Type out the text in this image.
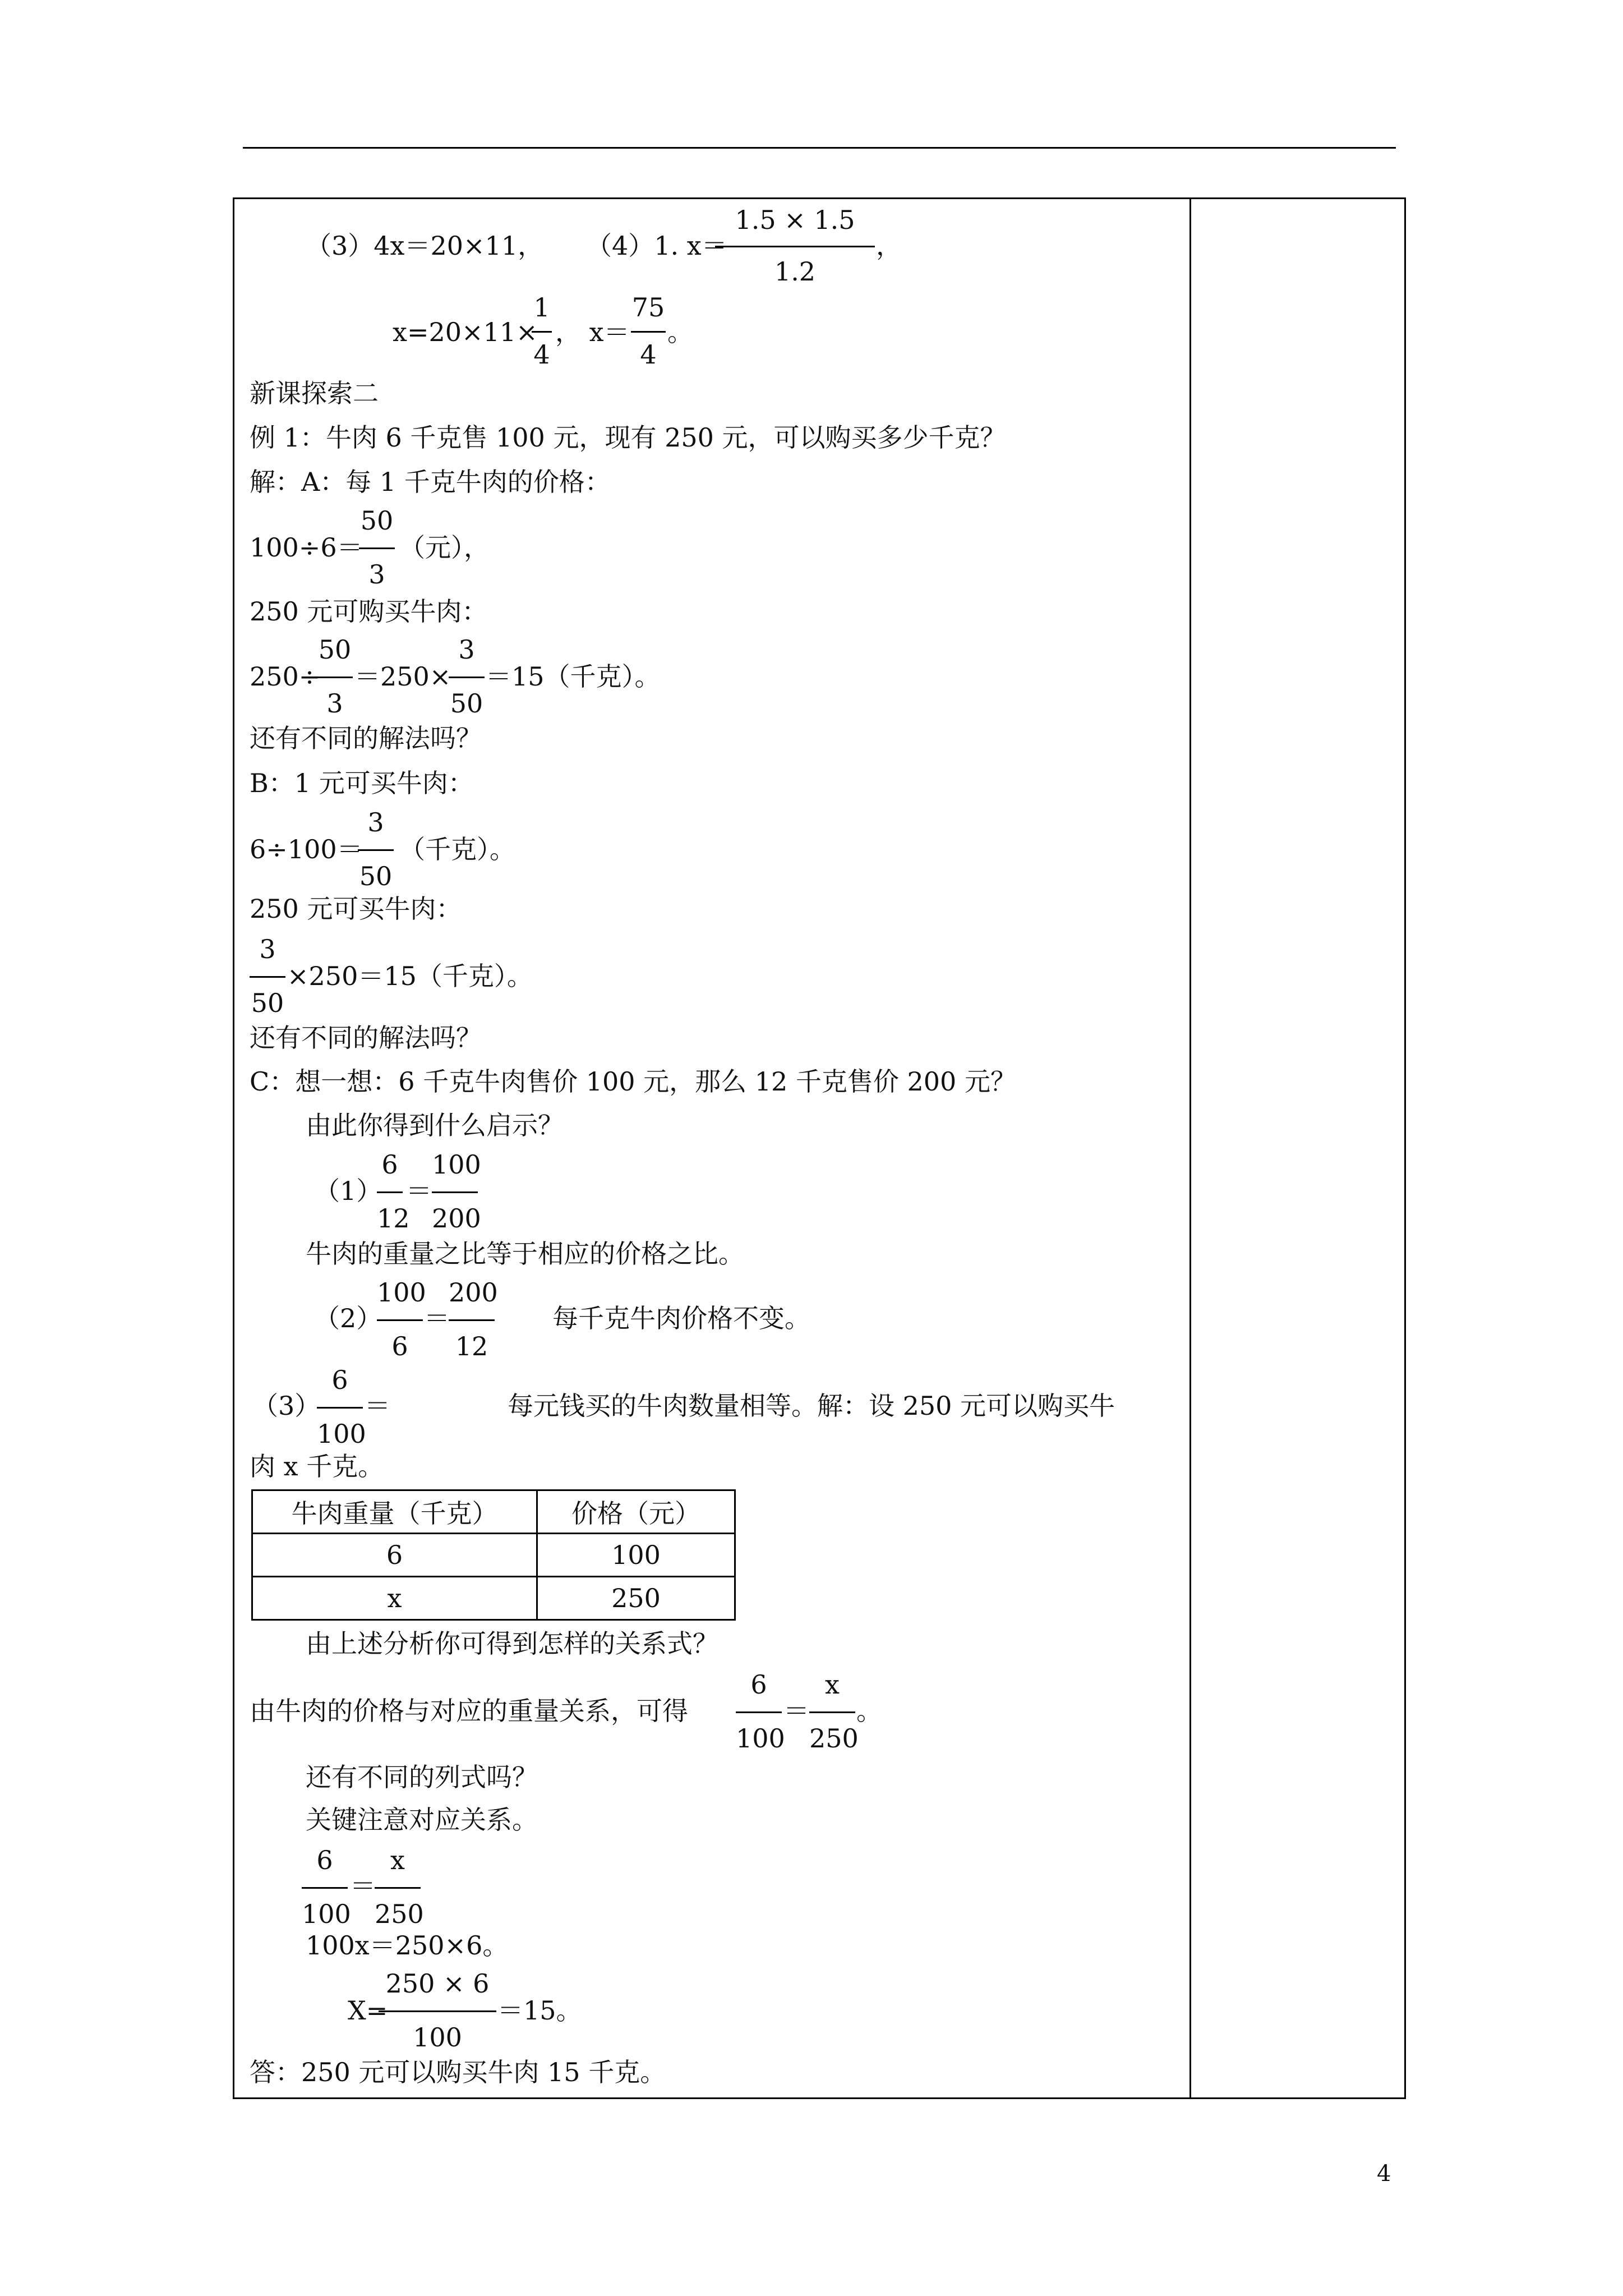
（3）4x＝20×11， （4）1. x＝
1.5 × 1.5
1.2
，
x=20×11×
1
4
， x＝
75
4
。
新课探索二
例 1：牛肉 6 千克售 100 元，现有 250 元，可以购买多少千克？
解：A：每 1 千克牛肉的价格：
100÷6＝
50
3
（元），
250 元可购买牛肉：
250÷
50
3
＝250×
3
50
＝15（千克）。
还有不同的解法吗？
B：1 元可买牛肉：
6÷100＝
3
50
（千克）。
250 元可买牛肉：
3
50
×250＝15（千克）。
还有不同的解法吗？
C：想一想：6 千克牛肉售价 100 元，那么 12 千克售价 200 元？
由此你得到什么启示？
（1）
6
12
＝
100
200
牛肉的重量之比等于相应的价格之比。
（2）
100
6
＝
200
12
每千克牛肉价格不变。
（3）
6
100
＝	每元钱买的牛肉数量相等。解：设 250 元可以购买牛
肉 x 千克。
牛肉重量（千克）	价格（元）
6	100
x	250
由上述分析你可得到怎样的关系式？
由牛肉的价格与对应的重量关系，可得
6
100
＝
x
250
。
还有不同的列式吗？
关键注意对应关系。
6
100
＝
x
250
100x＝250×6。
X=
250 × 6
100
＝15。
答：250 元可以购买牛肉 15 千克。
4
